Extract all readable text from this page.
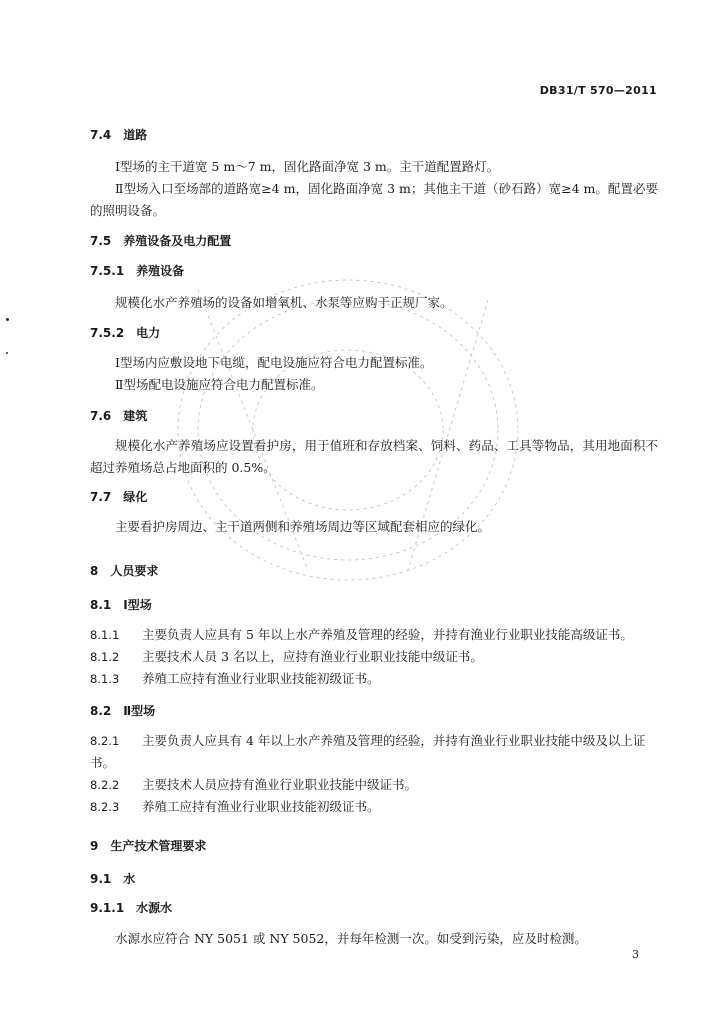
DB31/T 570—2011
7.4 道路
Ⅰ型场的主干道宽 5 m～7 m，固化路面净宽 3 m。主干道配置路灯。
Ⅱ型场入口至场部的道路宽≥4 m，固化路面净宽 3 m；其他主干道（砂石路）宽≥4 m。配置必要的照明设备。
7.5 养殖设备及电力配置
7.5.1 养殖设备
规模化水产养殖场的设备如增氧机、水泵等应购于正规厂家。
7.5.2 电力
Ⅰ型场内应敷设地下电缆，配电设施应符合电力配置标准。
Ⅱ型场配电设施应符合电力配置标准。
7.6 建筑
规模化水产养殖场应设置看护房，用于值班和存放档案、饲料、药品、工具等物品，其用地面积不超过养殖场总占地面积的 0.5%。
7.7 绿化
主要看护房周边、主干道两侧和养殖场周边等区域配套相应的绿化。
8 人员要求
8.1 Ⅰ型场
8.1.1 主要负责人应具有 5 年以上水产养殖及管理的经验，并持有渔业行业职业技能高级证书。
8.1.2 主要技术人员 3 名以上，应持有渔业行业职业技能中级证书。
8.1.3 养殖工应持有渔业行业职业技能初级证书。
8.2 Ⅱ型场
8.2.1 主要负责人应具有 4 年以上水产养殖及管理的经验，并持有渔业行业职业技能中级及以上证书。
8.2.2 主要技术人员应持有渔业行业职业技能中级证书。
8.2.3 养殖工应持有渔业行业职业技能初级证书。
9 生产技术管理要求
9.1 水
9.1.1 水源水
水源水应符合 NY 5051 或 NY 5052，并每年检测一次。如受到污染，应及时检测。
3
